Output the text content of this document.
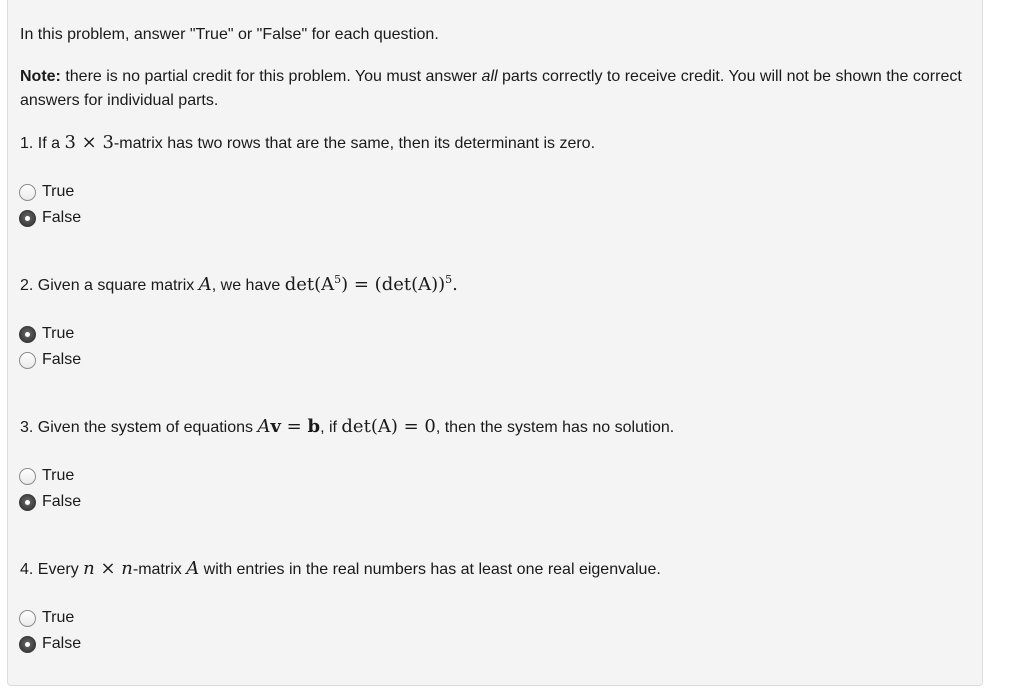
In this problem, answer "True" or "False" for each question.
Note: there is no partial credit for this problem. You must answer all parts correctly to receive credit. You will not be shown the correct answers for individual parts.
1. If a 3 × 3-matrix has two rows that are the same, then its determinant is zero.
True
False
2. Given a square matrix A, we have $\det(A^5) = (\det(A))^5$.
True
False
3. Given the system of equations Av = b, if det(A) = 0, then the system has no solution.
True
False
4. Every n × n-matrix A with entries in the real numbers has at least one real eigenvalue.
True
False
